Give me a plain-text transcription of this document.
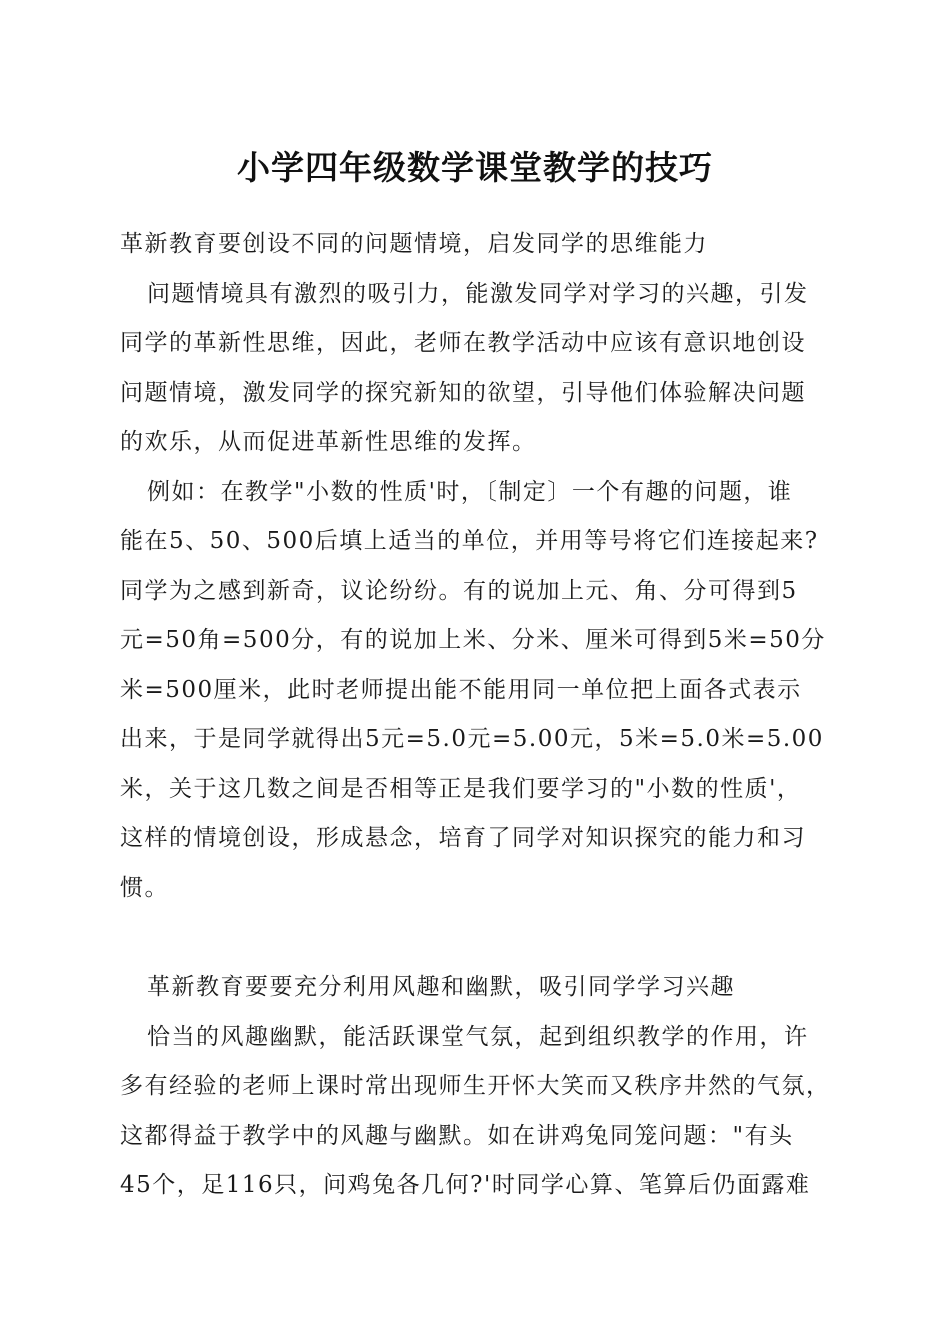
小学四年级数学课堂教学的技巧
革新教育要创设不同的问题情境，启发同学的思维能力
问题情境具有激烈的吸引力，能激发同学对学习的兴趣，引发
同学的革新性思维，因此，老师在教学活动中应该有意识地创设
问题情境，激发同学的探究新知的欲望，引导他们体验解决问题
的欢乐，从而促进革新性思维的发挥。
例如：在教学"小数的性质'时，〔制定〕一个有趣的问题，谁
能在5、50、500后填上适当的单位，并用等号将它们连接起来?
同学为之感到新奇，议论纷纷。有的说加上元、角、分可得到5
元=50角=500分，有的说加上米、分米、厘米可得到5米=50分
米=500厘米，此时老师提出能不能用同一单位把上面各式表示
出来，于是同学就得出5元=5.0元=5.00元，5米=5.0米=5.00
米，关于这几数之间是否相等正是我们要学习的"小数的性质'，
这样的情境创设，形成悬念，培育了同学对知识探究的能力和习
惯。
革新教育要要充分利用风趣和幽默，吸引同学学习兴趣
恰当的风趣幽默，能活跃课堂气氛，起到组织教学的作用，许
多有经验的老师上课时常出现师生开怀大笑而又秩序井然的气氛，
这都得益于教学中的风趣与幽默。如在讲鸡兔同笼问题："有头
45个，足116只，问鸡兔各几何?'时同学心算、笔算后仍面露难
